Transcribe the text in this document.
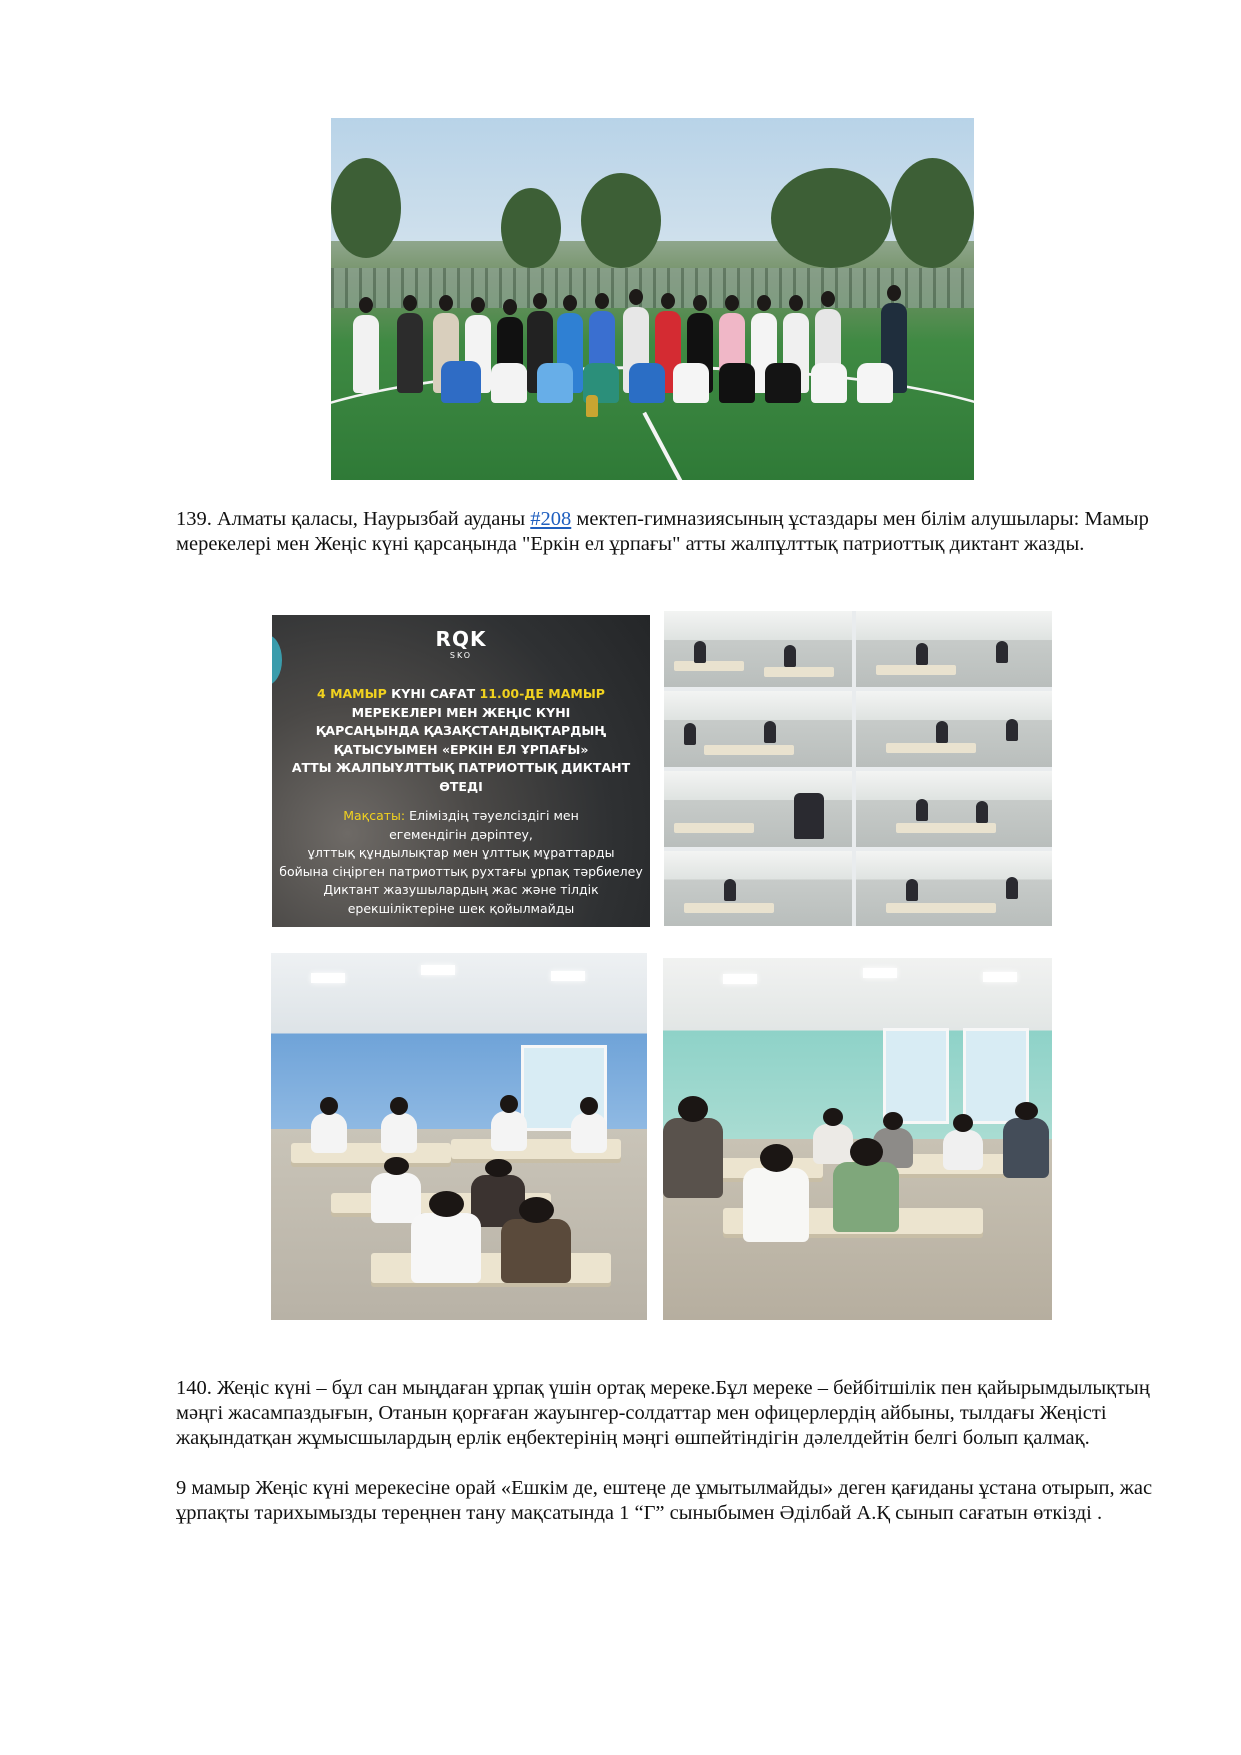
139. Алматы қаласы, Наурызбай ауданы #208 мектеп-гимназиясының ұстаздары мен білім алушылары: Мамыр мерекелері мен Жеңіс күні қарсаңында "Еркін ел ұрпағы" атты жалпұлттық патриоттық диктант жазды.

RQK
SKO
4 МАМЫР КҮНІ САҒАТ 11.00-ДЕ МАМЫР
МЕРЕКЕЛЕРІ МЕН ЖЕҢІС КҮНІ
ҚАРСАҢЫНДА ҚАЗАҚСТАНДЫҚТАРДЫҢ
ҚАТЫСУЫМЕН «ЕРКІН ЕЛ ҰРПАҒЫ»
АТТЫ ЖАЛПЫҰЛТТЫҚ ПАТРИОТТЫҚ ДИКТАНТ
ӨТЕДІ
Мақсаты: Еліміздің тәуелсіздігі мен
егемендігін дәріптеу,
ұлттық құндылықтар мен ұлттық мұраттарды
бойына сіңірген патриоттық рухтағы ұрпақ тәрбиелеу
Диктант жазушылардың жас және тілдік
ерекшіліктеріне шек қойылмайды

140. Жеңіс күні – бұл сан мыңдаған ұрпақ үшін ортақ мереке.Бұл мереке – бейбітшілік пен қайырымдылықтың мәңгі жасампаздығын, Отанын қорғаған жауынгер-солдаттар мен офицерлердің айбыны, тылдағы Жеңісті жақындатқан жұмысшылардың ерлік еңбектерінің мәңгі өшпейтіндігін дәлелдейтін белгі болып қалмақ.

9 мамыр Жеңіс күні мерекесіне орай «Ешкім де, ештеңе де ұмытылмайды» деген қағиданы ұстана отырып, жас ұрпақты тарихымызды тереңнен тану мақсатында 1 “Г” сыныбымен Әділбай А.Қ сынып сағатын өткізді .
